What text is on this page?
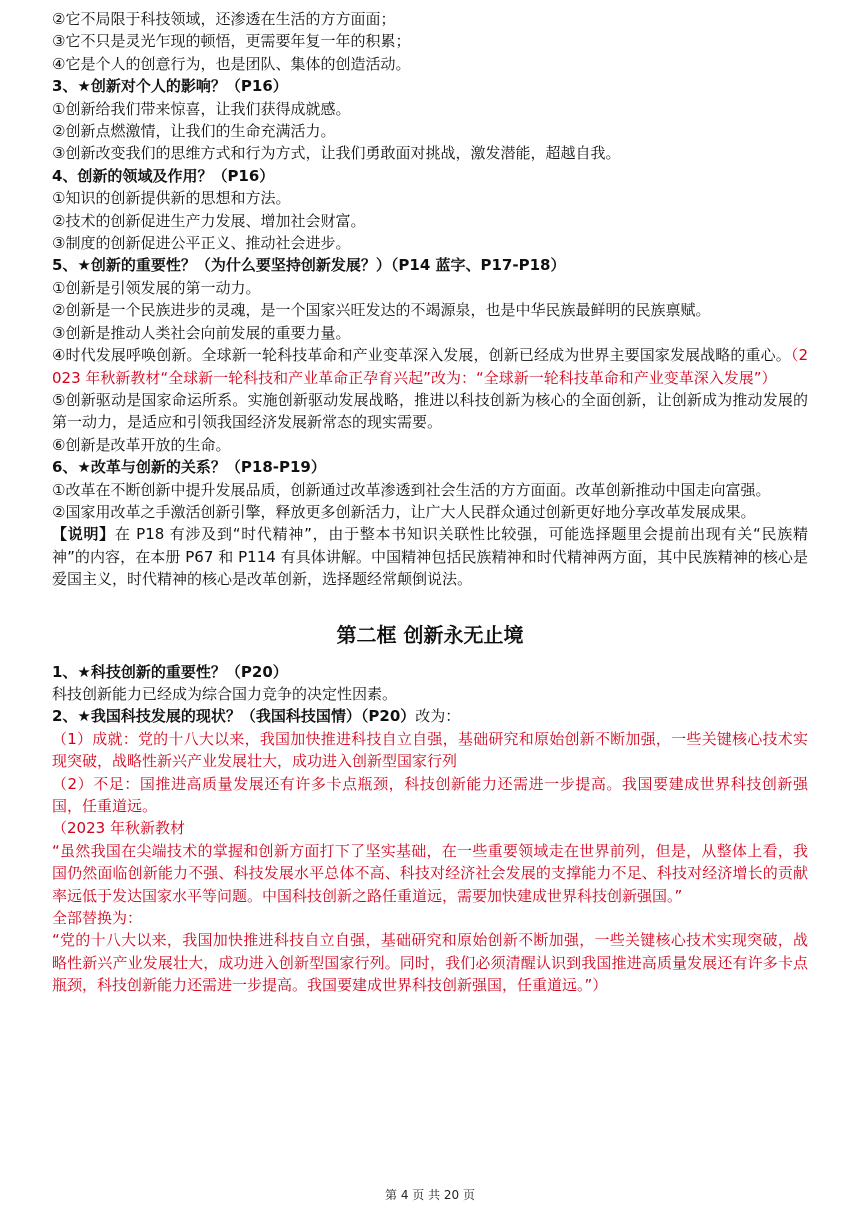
②它不局限于科技领域，还渗透在生活的方方面面；

③它不只是灵光乍现的顿悟，更需要年复一年的积累；

④它是个人的创意行为，也是团队、集体的创造活动。

3、★创新对个人的影响？（P16）

①创新给我们带来惊喜，让我们获得成就感。

②创新点燃激情，让我们的生命充满活力。

③创新改变我们的思维方式和行为方式，让我们勇敢面对挑战，激发潜能，超越自我。

4、创新的领域及作用？（P16）

①知识的创新提供新的思想和方法。

②技术的创新促进生产力发展、增加社会财富。

③制度的创新促进公平正义、推动社会进步。

5、★创新的重要性？（为什么要坚持创新发展？）（P14 蓝字、P17-P18）

①创新是引领发展的第一动力。

②创新是一个民族进步的灵魂，是一个国家兴旺发达的不竭源泉，也是中华民族最鲜明的民族禀赋。

③创新是推动人类社会向前发展的重要力量。

④时代发展呼唤创新。全球新一轮科技革命和产业变革深入发展，创新已经成为世界主要国家发展战略的重心。（2023 年秋新教材“全球新一轮科技和产业革命正孕育兴起”改为：“全球新一轮科技革命和产业变革深入发展”）

⑤创新驱动是国家命运所系。实施创新驱动发展战略，推进以科技创新为核心的全面创新，让创新成为推动发展的第一动力，是适应和引领我国经济发展新常态的现实需要。

⑥创新是改革开放的生命。

6、★改革与创新的关系？（P18-P19）

①改革在不断创新中提升发展品质，创新通过改革渗透到社会生活的方方面面。改革创新推动中国走向富强。

②国家用改革之手激活创新引擎，释放更多创新活力，让广大人民群众通过创新更好地分享改革发展成果。

【说明】在 P18 有涉及到“时代精神”，由于整本书知识关联性比较强，可能选择题里会提前出现有关“民族精神”的内容，在本册 P67 和 P114 有具体讲解。中国精神包括民族精神和时代精神两方面，其中民族精神的核心是爱国主义，时代精神的核心是改革创新，选择题经常颠倒说法。

第二框 创新永无止境

1、★科技创新的重要性？（P20）

科技创新能力已经成为综合国力竞争的决定性因素。

2、★我国科技发展的现状？（我国科技国情）（P20）改为：

（1）成就：党的十八大以来，我国加快推进科技自立自强，基础研究和原始创新不断加强，一些关键核心技术实现突破，战略性新兴产业发展壮大，成功进入创新型国家行列

（2）不足：国推进高质量发展还有许多卡点瓶颈，科技创新能力还需进一步提高。我国要建成世界科技创新强国，任重道远。

（2023 年秋新教材

“虽然我国在尖端技术的掌握和创新方面打下了坚实基础，在一些重要领域走在世界前列，但是，从整体上看，我国仍然面临创新能力不强、科技发展水平总体不高、科技对经济社会发展的支撑能力不足、科技对经济增长的贡献率远低于发达国家水平等问题。中国科技创新之路任重道远，需要加快建成世界科技创新强国。”

全部替换为：

“党的十八大以来，我国加快推进科技自立自强，基础研究和原始创新不断加强，一些关键核心技术实现突破，战略性新兴产业发展壮大，成功进入创新型国家行列。同时，我们必须清醒认识到我国推进高质量发展还有许多卡点瓶颈，科技创新能力还需进一步提高。我国要建成世界科技创新强国，任重道远。”）

第 4 页 共 20 页
